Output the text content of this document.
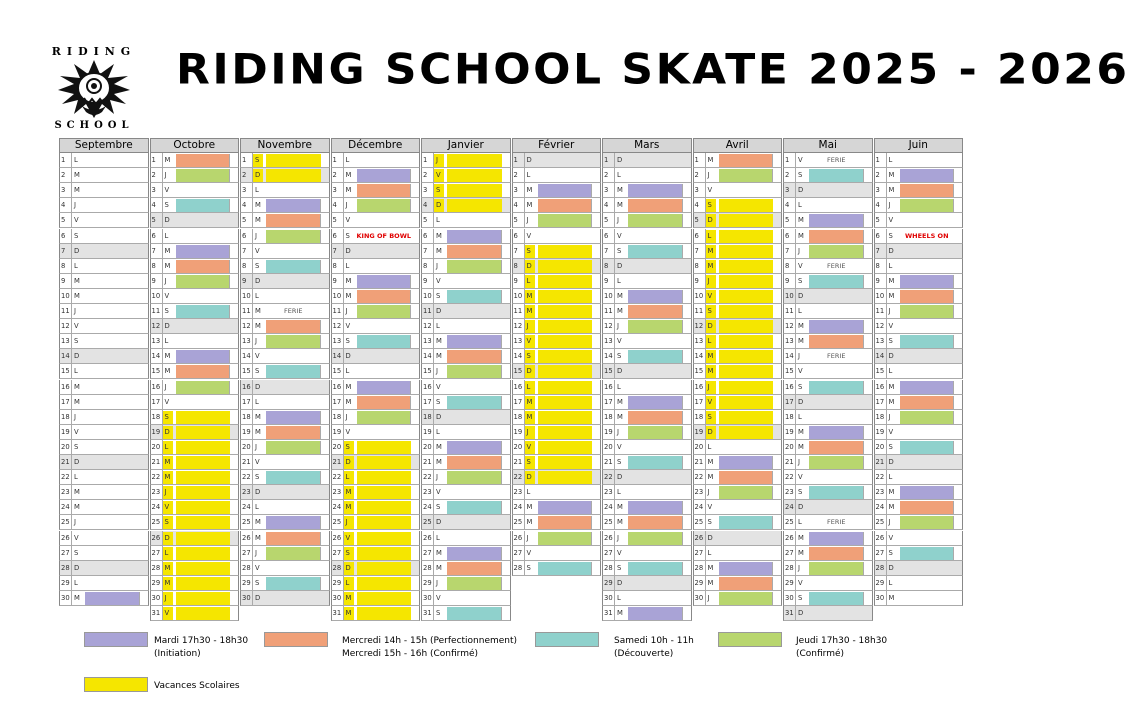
RIDING
SCHOOL
RIDING SCHOOL SKATE 2025 - 2026
Septembre
1 L
2 M
3 M
4 J
5 V
6 S
7 D
8 L
9 M
10 M
11 J
12 V
13 S
14 D
15 L
16 M
17 M
18 J
19 V
20 S
21 D
22 L
23 M
24 M
25 J
26 V
27 S
28 D
29 L
30 M
Octobre
1 M
2 J
3 V
4 S
5 D
6 L
7 M
8 M
9 J
10 V
11 S
12 D
13 L
14 M
15 M
16 J
17 V
18 S
19 D
20 L
21 M
22 M
23 J
24 V
25 S
26 D
27 L
28 M
29 M
30 J
31 V
Novembre
1 S
2 D
3 L
4 M
5 M
6 J
7 V
8 S
9 D
10 L
11 M	FERIE
12 M
13 J
14 V
15 S
16 D
17 L
18 M
19 M
20 J
21 V
22 S
23 D
24 L
25 M
26 M
27 J
28 V
29 S
30 D
Décembre
1 L
2 M
3 M
4 J
5 V
6 S KING OF BOWL
7 D
8 L
9 M
10 M
11 J
12 V
13 S
14 D
15 L
16 M
17 M
18 J
19 V
20 S
21 D
22 L
23 M
24 M
25 J
26 V
27 S
28 D
29 L
30 M
31 M
Janvier
1 J
2 V
3 S
4 D
5 L
6 M
7 M
8 J
9 V
10 S
11 D
12 L
13 M
14 M
15 J
16 V
17 S
18 D
19 L
20 M
21 M
22 J
23 V
24 S
25 D
26 L
27 M
28 M
29 J
30 V
31 S
Février
1 D
2 L
3 M
4 M
5 J
6 V
7 S
8 D
9 L
10 M
11 M
12 J
13 V
14 S
15 D
16 L
17 M
18 M
19 J
20 V
21 S
22 D
23 L
24 M
25 M
26 J
27 V
28 S
Mars
1 D
2 L
3 M
4 M
5 J
6 V
7 S
8 D
9 L
10 M
11 M
12 J
13 V
14 S
15 D
16 L
17 M
18 M
19 J
20 V
21 S
22 D
23 L
24 M
25 M
26 J
27 V
28 S
29 D
30 L
31 M
Avril
1 M
2 J
3 V
4 S
5 D
6 L
7 M
8 M
9 J
10 V
11 S
12 D
13 L
14 M
15 M
16 J
17 V
18 S
19 D
20 L
21 M
22 M
23 J
24 V
25 S
26 D
27 L
28 M
29 M
30 J
Mai
1 V	FERIE
2 S
3 D
4 L
5 M
6 M
7 J
8 V	FERIE
9 S
10 D
11 L
12 M
13 M
14 J	FERIE
15 V
16 S
17 D
18 L
19 M
20 M
21 J
22 V
23 S
24 D
25 L	FERIE
26 M
27 M
28 J
29 V
30 S
31 D
Juin
1 L
2 M
3 M
4 J
5 V
6 S	WHEELS ON
7 D
8 L
9 M
10 M
11 J
12 V
13 S
14 D
15 L
16 M
17 M
18 J
19 V
20 S
21 D
22 L
23 M
24 M
25 J
26 V
27 S
28 D
29 L
30 M
Mardi 17h30 - 18h30
(Initiation)
Mercredi 14h - 15h (Perfectionnement)
Mercredi 15h - 16h (Confirmé)
Samedi 10h - 11h
(Découverte)
Jeudi 17h30 - 18h30
(Confirmé)
Vacances Scolaires
